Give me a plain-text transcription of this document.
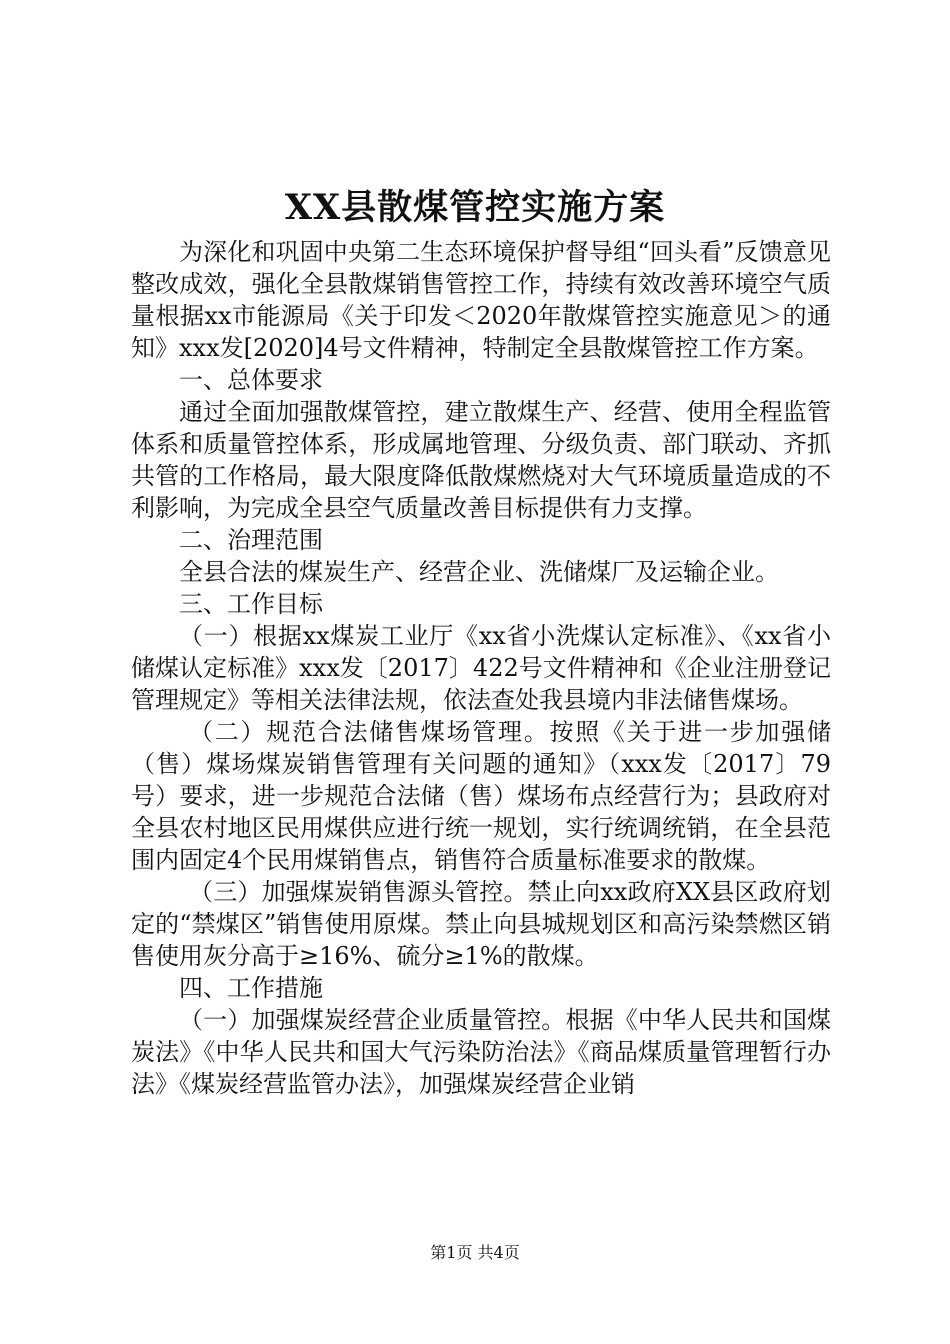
XX县散煤管控实施方案

为深化和巩固中央第二生态环境保护督导组“回头看”反馈意见整改成效，强化全县散煤销售管控工作，持续有效改善环境空气质量根据xx市能源局《关于印发＜2020年散煤管控实施意见＞的通知》xxx发[2020]4号文件精神，特制定全县散煤管控工作方案。

一、总体要求

通过全面加强散煤管控，建立散煤生产、经营、使用全程监管体系和质量管控体系，形成属地管理、分级负责、部门联动、齐抓共管的工作格局，最大限度降低散煤燃烧对大气环境质量造成的不利影响，为完成全县空气质量改善目标提供有力支撑。

二、治理范围

全县合法的煤炭生产、经营企业、洗储煤厂及运输企业。

三、工作目标

（一）根据xx煤炭工业厅《xx省小洗煤认定标准》、《xx省小储煤认定标准》xxx发〔2017〕422号文件精神和《企业注册登记管理规定》等相关法律法规，依法查处我县境内非法储售煤场。

（二）规范合法储售煤场管理。按照《关于进一步加强储（售）煤场煤炭销售管理有关问题的通知》（xxx发〔2017〕79号）要求，进一步规范合法储（售）煤场布点经营行为；县政府对全县农村地区民用煤供应进行统一规划，实行统调统销，在全县范围内固定4个民用煤销售点，销售符合质量标准要求的散煤。

（三）加强煤炭销售源头管控。禁止向xx政府XX县区政府划定的“禁煤区”销售使用原煤。禁止向县城规划区和高污染禁燃区销售使用灰分高于≥16%、硫分≥1%的散煤。

四、工作措施

（一）加强煤炭经营企业质量管控。根据《中华人民共和国煤炭法》《中华人民共和国大气污染防治法》《商品煤质量管理暂行办法》《煤炭经营监管办法》，加强煤炭经营企业销

第1页 共4页
